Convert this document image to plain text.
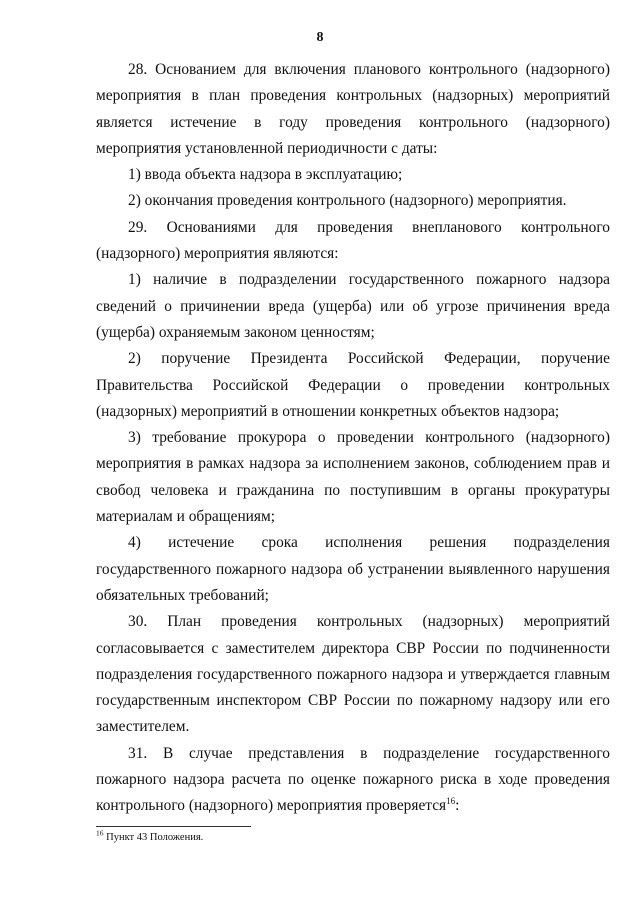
8

28. Основанием для включения планового контрольного (надзорного) мероприятия в план проведения контрольных (надзорных) мероприятий является истечение в году проведения контрольного (надзорного) мероприятия установленной периодичности с даты:

1) ввода объекта надзора в эксплуатацию;

2) окончания проведения контрольного (надзорного) мероприятия.

29. Основаниями для проведения внепланового контрольного (надзорного) мероприятия являются:

1) наличие в подразделении государственного пожарного надзора сведений о причинении вреда (ущерба) или об угрозе причинения вреда (ущерба) охраняемым законом ценностям;

2) поручение Президента Российской Федерации, поручение Правительства Российской Федерации о проведении контрольных (надзорных) мероприятий в отношении конкретных объектов надзора;

3) требование прокурора о проведении контрольного (надзорного) мероприятия в рамках надзора за исполнением законов, соблюдением прав и свобод человека и гражданина по поступившим в органы прокуратуры материалам и обращениям;

4) истечение срока исполнения решения подразделения государственного пожарного надзора об устранении выявленного нарушения обязательных требований;

30. План проведения контрольных (надзорных) мероприятий согласовывается с заместителем директора СВР России по подчиненности подразделения государственного пожарного надзора и утверждается главным государственным инспектором СВР России по пожарному надзору или его заместителем.

31. В случае представления в подразделение государственного пожарного надзора расчета по оценке пожарного риска в ходе проведения контрольного (надзорного) мероприятия проверяется$^{16}$:

$^{16}$ Пункт 43 Положения.
